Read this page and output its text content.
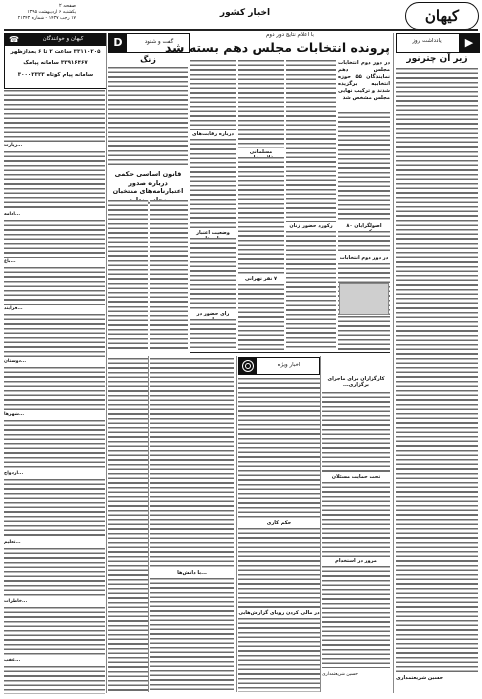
صفحه ۲
یکشنبه ۶ اردیبهشت ۱۳۹۵
۱۷ رجب ۱۴۳۷ - شماره ۲۱۳۴۳
اخبار کشور	کیهان
یادداشت روز	▶
زیر آن چترنور
حسین شریعتمداری
با اعلام نتایج دور دوم
پرونده انتخابات مجلس دهم بسته شد
در دور دوم انتخابات مجلس دهم نمایندگان ۵۵ حوزه انتخابیه برگزیده شدند و ترکیب نهایی مجلس مشخص شد
اصولگرایان ۸۰
در دور دوم انتخابات
رکورد حضور زنان
مسلمانی
۷ نفر تهرانی
درباره رقابت‌های
وضعیت اعتبار
رای حضور در
D	گفت و شنود
زنگ
قانون اساسی حکمی درباره صدور اعتبارنامه‌های منتخبان
☎	کیهان و خوانندگان
۳۳۱۱۰۲۰۵ ساعت ۲ تا ۶ بعدازظهر
۳۳۹۱۶۴۶۷ سامانه پیامک
سامانه پیام کوتاه ۳۰۰۰۲۳۲۳
...زیارت
...ادامه
...باغ
...فرایند
...دوستان
...شهرها
...ازدواج
...تعلیم
...خاطرات
...عقب
اخبار ویژه
کارگزاران برای ماجرای برگزاری...
تحت حمایت مسئلان
مرور در استخدام
حسین شریعتمداری
حکم کاری
در مالی کردن رویای گزارش‌هایی
...با دانش‌ها
